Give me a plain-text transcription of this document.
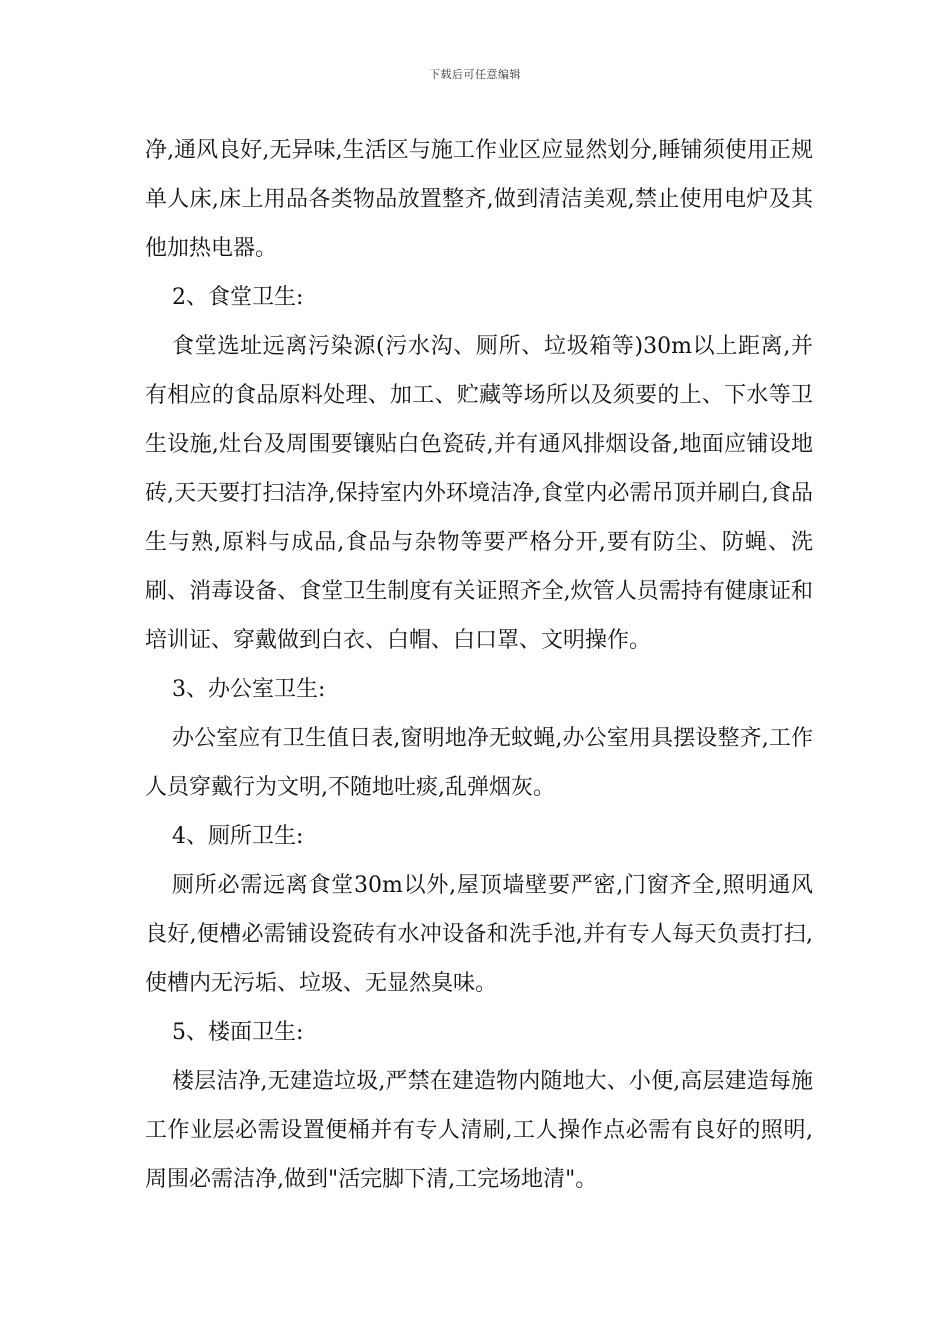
下载后可任意编辑

净,通风良好,无异味,生活区与施工作业区应显然划分,睡铺须使用正规单人床,床上用品各类物品放置整齐,做到清洁美观,禁止使用电炉及其他加热电器。

2、食堂卫生:

食堂选址远离污染源(污水沟、厕所、垃圾箱等)30m以上距离,并有相应的食品原料处理、加工、贮藏等场所以及须要的上、下水等卫生设施,灶台及周围要镶贴白色瓷砖,并有通风排烟设备,地面应铺设地砖,天天要打扫洁净,保持室内外环境洁净,食堂内必需吊顶并刷白,食品生与熟,原料与成品,食品与杂物等要严格分开,要有防尘、防蝇、洗刷、消毒设备、食堂卫生制度有关证照齐全,炊管人员需持有健康证和培训证、穿戴做到白衣、白帽、白口罩、文明操作。

3、办公室卫生:

办公室应有卫生值日表,窗明地净无蚊蝇,办公室用具摆设整齐,工作人员穿戴行为文明,不随地吐痰,乱弹烟灰。

4、厕所卫生:

厕所必需远离食堂30m以外,屋顶墙壁要严密,门窗齐全,照明通风良好,便槽必需铺设瓷砖有水冲设备和洗手池,并有专人每天负责打扫,使槽内无污垢、垃圾、无显然臭味。

5、楼面卫生:

楼层洁净,无建造垃圾,严禁在建造物内随地大、小便,高层建造每施工作业层必需设置便桶并有专人清刷,工人操作点必需有良好的照明,周围必需洁净,做到"活完脚下清,工完场地清"。
